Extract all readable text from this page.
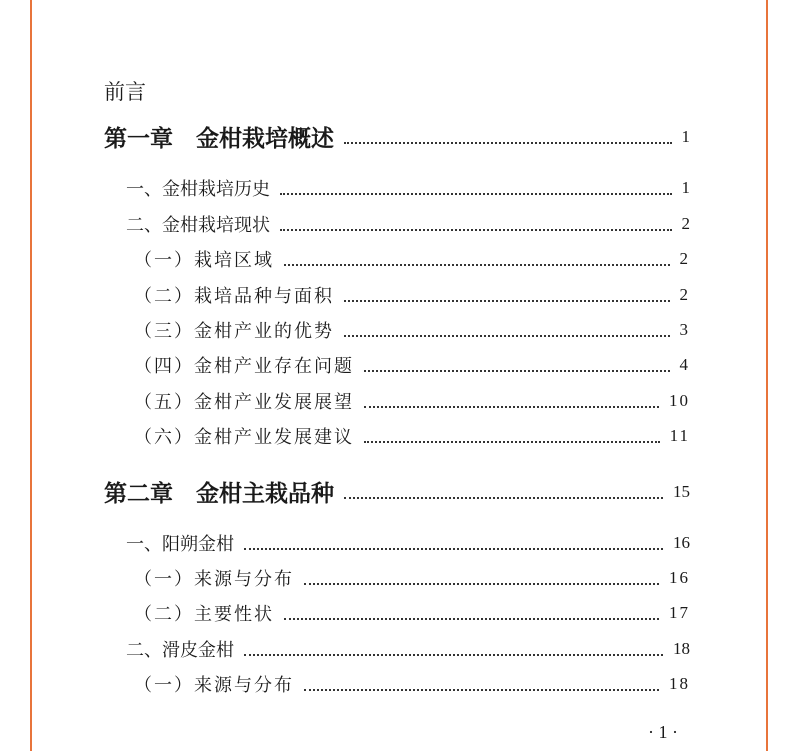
前言
第一章　金柑栽培概述	1
一、金柑栽培历史	1
二、金柑栽培现状	2
（一）栽培区域	2
（二）栽培品种与面积	2
（三）金柑产业的优势	3
（四）金柑产业存在问题	4
（五）金柑产业发展展望	10
（六）金柑产业发展建议	11
第二章　金柑主栽品种	15
一、阳朔金柑	16
（一）来源与分布	16
（二）主要性状	17
二、滑皮金柑	18
（一）来源与分布	18
· 1 ·
